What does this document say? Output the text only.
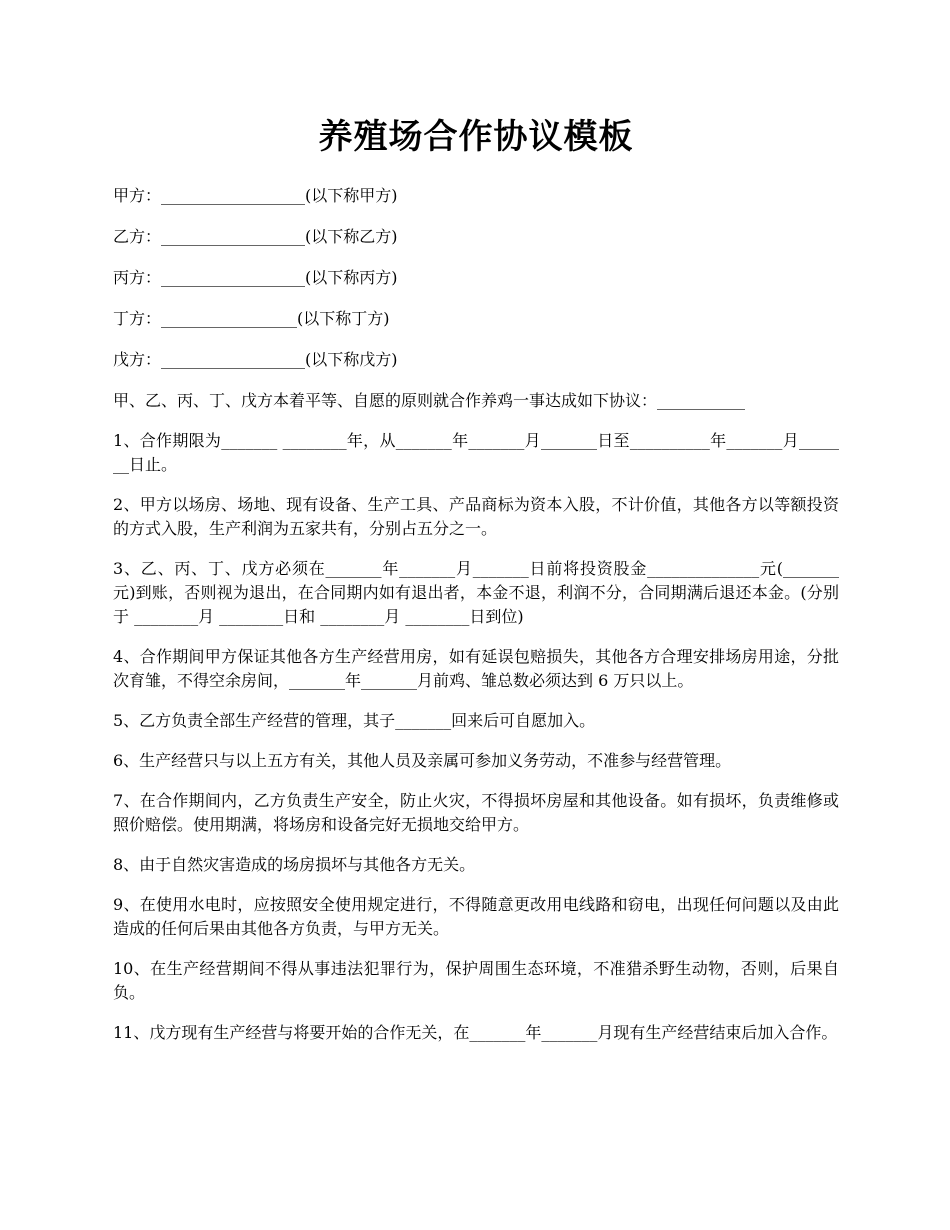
养殖场合作协议模板

甲方：__________________(以下称甲方)

乙方：__________________(以下称乙方)

丙方：__________________(以下称丙方)

丁方：_________________(以下称丁方)

戊方：__________________(以下称戊方)

甲、乙、丙、丁、戊方本着平等、自愿的原则就合作养鸡一事达成如下协议：___________

1、合作期限为_______ ________年，从_______年_______月_______日至__________年_______月_______日止。

2、甲方以场房、场地、现有设备、生产工具、产品商标为资本入股，不计价值，其他各方以等额投资的方式入股，生产利润为五家共有，分别占五分之一。

3、乙、丙、丁、戊方必须在_______年_______月_______日前将投资股金______________元(_______元)到账，否则视为退出，在合同期内如有退出者，本金不退，利润不分，合同期满后退还本金。(分别于 ________月 ________日和 ________月 ________日到位)

4、合作期间甲方保证其他各方生产经营用房，如有延误包赔损失，其他各方合理安排场房用途，分批次育雏，不得空余房间，_______年_______月前鸡、雏总数必须达到 6 万只以上。

5、乙方负责全部生产经营的管理，其子_______回来后可自愿加入。

6、生产经营只与以上五方有关，其他人员及亲属可参加义务劳动，不准参与经营管理。

7、在合作期间内，乙方负责生产安全，防止火灾，不得损坏房屋和其他设备。如有损坏，负责维修或照价赔偿。使用期满，将场房和设备完好无损地交给甲方。

8、由于自然灾害造成的场房损坏与其他各方无关。

9、在使用水电时，应按照安全使用规定进行，不得随意更改用电线路和窃电，出现任何问题以及由此造成的任何后果由其他各方负责，与甲方无关。

10、在生产经营期间不得从事违法犯罪行为，保护周围生态环境，不准猎杀野生动物，否则，后果自负。

11、戊方现有生产经营与将要开始的合作无关，在_______年_______月现有生产经营结束后加入合作。
